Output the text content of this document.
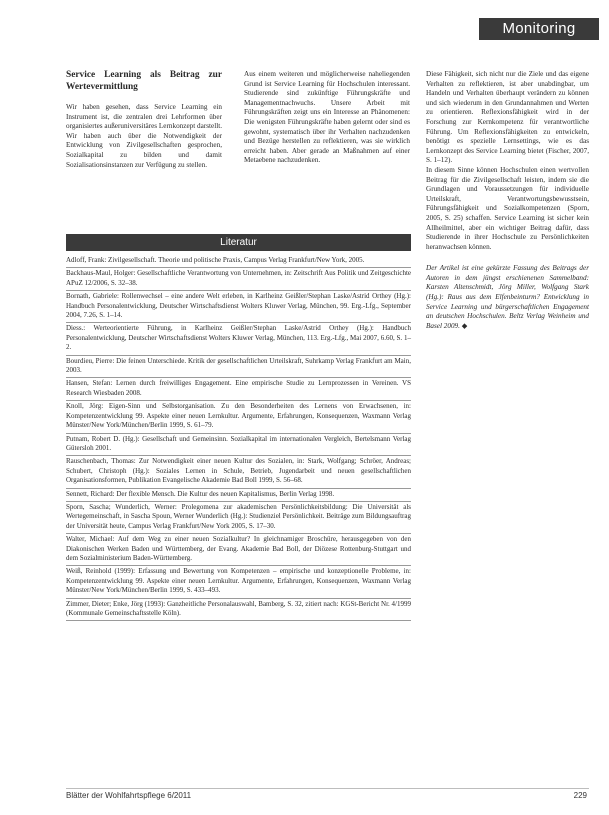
Monitoring
Service Learning als Beitrag zur Wertevermittlung

Wir haben gesehen, dass Service Learning ein Instrument ist, die zentralen drei Lehrformen über organisiertes außeruniversitäres Lernkonzept darstellt. Wir haben auch über die Notwendigkeit der Entwicklung von Zivilgesellschaften gesprochen, Sozialkapital zu bilden und damit Sozialisationsinstanzen zur Verfügung zu stellen.

Aus einem weiteren und möglicherweise naheliegenden Grund ist Service Learning für Hochschulen interessant. Studierende sind zukünftige Führungskräfte und Managementnachwuchs. Unsere Arbeit mit Führungskräften zeigt uns ein Interesse an Phänomenen: Die wenigsten Führungskräfte haben gelernt oder sind es gewohnt, systematisch über ihr Verhalten nachzudenken und Bezüge herstellen zu reflektieren, was sie wirklich erreicht haben. Aber gerade an Maßnahmen auf einer Metaebene nachzudenken.

Diese Fähigkeit, sich nicht nur die Ziele und das eigene Verhalten zu reflektieren, ist aber unabdingbar, um Handeln und Verhalten überhaupt verändern zu können und sich wiederum in den Grundannahmen und Werten zu orientieren. Reflexionsfähigkeit wird in der Forschung zur Kernkompetenz für verantwortliche Führung. Um Reflexionsfähigkeiten zu entwickeln, benötigt es spezielle Lernsettings, wie es das Lernkonzept des Service Learning bietet (Fischer, 2007, S. 1–12).

In diesem Sinne können Hochschulen einen wertvollen Beitrag für die Zivilgesellschaft leisten, indem sie die Grundlagen und Voraussetzungen für individuelle Urteilskraft, Verantwortungsbewusstsein, Führungsfähigkeit und Sozialkompetenzen (Sporn, 2005, S. 25) schaffen. Service Learning ist sicher kein Allheilmittel, aber ein wichtiger Beitrag dafür, dass Studierende in ihrer Hochschule zu Persönlichkeiten heranwachsen können.

Der Artikel ist eine gekürzte Fassung des Beitrags der Autoren in dem jüngst erschienenen Sammelband: Karsten Altenschmidt, Jörg Miller, Wolfgang Stark (Hg.): Raus aus dem Elfenbeinturm? Entwicklung in Service Learning und bürgerschaftlichen Engagement an deutschen Hochschulen. Beltz Verlag Weinheim und Basel 2009. ◆

Literatur
Adloff, Frank: Zivilgesellschaft. Theorie und politische Praxis, Campus Verlag Frankfurt/New York, 2005.
Backhaus-Maul, Holger: Gesellschaftliche Verantwortung von Unternehmen, in: Zeitschrift Aus Politik und Zeitgeschichte APuZ 12/2006, S. 32–38.
Bornath, Gabriele: Rollenwechsel – eine andere Welt erleben, in Karlheinz Geißler/Stephan Laske/Astrid Orthey (Hg.): Handbuch Personalentwicklung, Deutscher Wirtschaftsdienst Wolters Kluwer Verlag, München, 99. Erg.-Lfg., September 2004, 7.26, S. 1–14.
Diess.: Werteorientierte Führung, in Karlheinz Geißler/Stephan Laske/Astrid Orthey (Hg.): Handbuch Personalentwicklung, Deutscher Wirtschaftsdienst Wolters Kluwer Verlag, München, 113. Erg.-Lfg., Mai 2007, 6.60, S. 1–2.
Bourdieu, Pierre: Die feinen Unterschiede. Kritik der gesellschaftlichen Urteilskraft, Suhrkamp Verlag Frankfurt am Main, 2003.
Hansen, Stefan: Lernen durch freiwilliges Engagement. Eine empirische Studie zu Lernprozessen in Vereinen. VS Research Wiesbaden 2008.
Knoll, Jörg: Eigen-Sinn und Selbstorganisation. Zu den Besonderheiten des Lernens von Erwachsenen, in: Kompetenzentwicklung 99. Aspekte einer neuen Lernkultur. Argumente, Erfahrungen, Konsequenzen, Waxmann Verlag Münster/New York/München/Berlin 1999, S. 61–79.
Putnam, Robert D. (Hg.): Gesellschaft und Gemeinsinn. Sozialkapital im internationalen Vergleich, Bertelsmann Verlag Gütersloh 2001.
Rauschenbach, Thomas: Zur Notwendigkeit einer neuen Kultur des Sozialen, in: Stark, Wolfgang; Schröer, Andreas; Schubert, Christoph (Hg.): Soziales Lernen in Schule, Betrieb, Jugendarbeit und neuen gesellschaftlichen Organisationsformen, Publikation Evangelische Akademie Bad Boll 1999, S. 56–68.
Sennett, Richard: Der flexible Mensch. Die Kultur des neuen Kapitalismus, Berlin Verlag 1998.
Sporn, Sascha; Wunderlich, Werner: Prolegomena zur akademischen Persönlichkeitsbildung: Die Universität als Wertegemeinschaft, in Sascha Spoun, Werner Wunderlich (Hg.): Studienziel Persönlichkeit. Beiträge zum Bildungsauftrag der Universität heute, Campus Verlag Frankfurt/New York 2005, S. 17–30.
Walter, Michael: Auf dem Weg zu einer neuen Sozialkultur? In gleichnamiger Broschüre, herausgegeben von den Diakonischen Werken Baden und Württemberg, der Evang. Akademie Bad Boll, der Diözese Rottenburg-Stuttgart und dem Sozialministerium Baden-Württemberg.
Weiß, Reinhold (1999): Erfassung und Bewertung von Kompetenzen – empirische und konzeptionelle Probleme, in: Kompetenzentwicklung 99. Aspekte einer neuen Lernkultur. Argumente, Erfahrungen, Konsequenzen, Waxmann Verlag Münster/New York/München/Berlin 1999, S. 433–493.
Zimmer, Dieter; Enke, Jörg (1993): Ganzheitliche Personalauswahl, Bamberg, S. 32, zitiert nach: KGSt-Bericht Nr. 4/1999 (Kommunale Gemeinschaftsstelle Köln).
Blätter der Wohlfahrtspflege 6/2011	229
